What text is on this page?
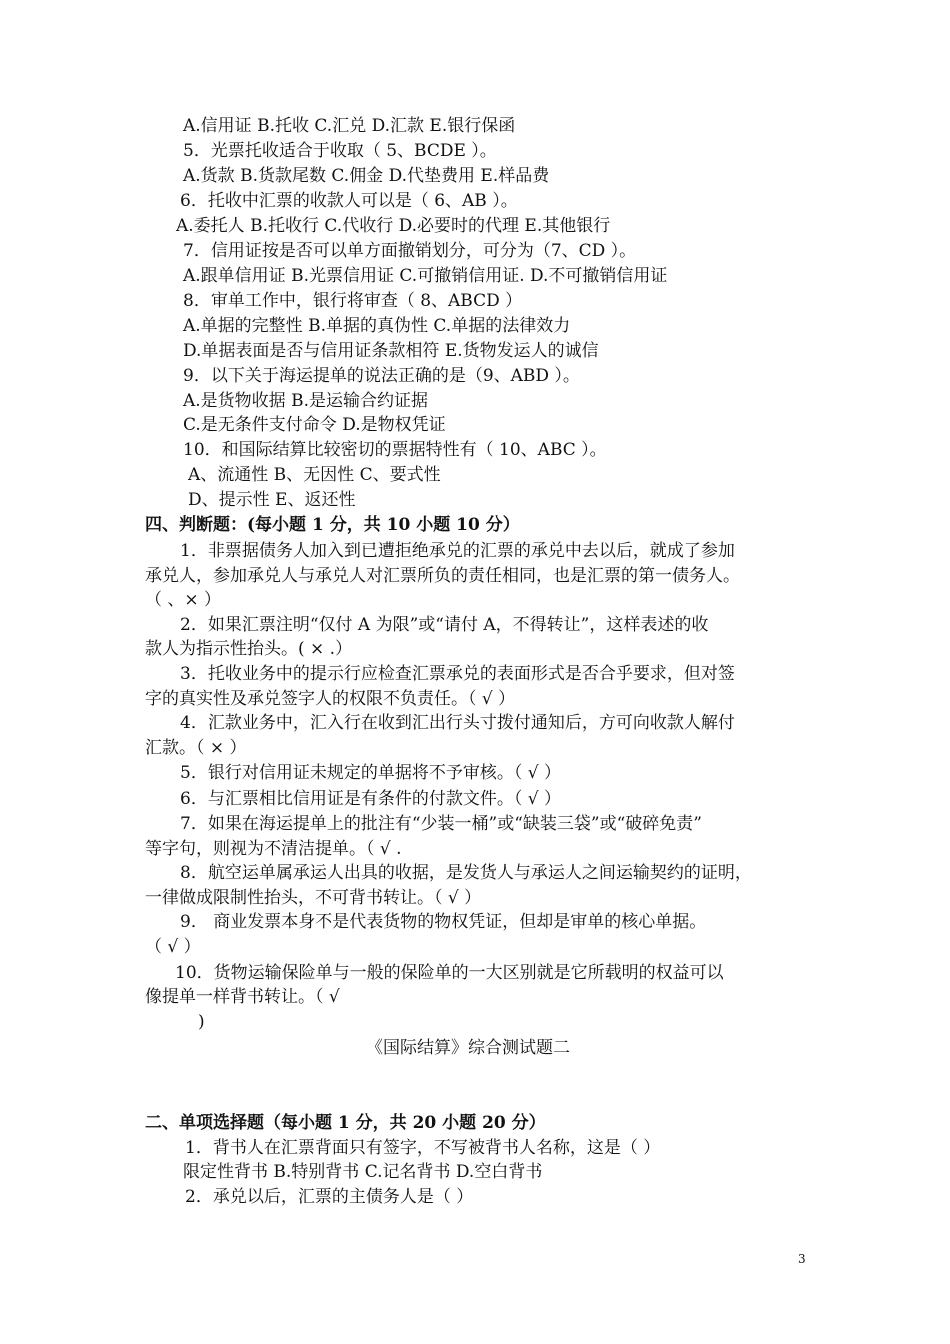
A.信用证 B.托收 C.汇兑 D.汇款 E.银行保函
5．光票托收适合于收取（ 5、BCDE ）。
A.货款 B.货款尾数 C.佣金 D.代垫费用 E.样品费
6．托收中汇票的收款人可以是（ 6、AB ）。
A.委托人 B.托收行 C.代收行 D.必要时的代理 E.其他银行
7．信用证按是否可以单方面撤销划分，可分为（7、CD ）。
A.跟单信用证 B.光票信用证 C.可撤销信用证. D.不可撤销信用证
8．审单工作中，银行将审查（ 8、ABCD ）
A.单据的完整性 B.单据的真伪性 C.单据的法律效力
D.单据表面是否与信用证条款相符 E.货物发运人的诚信
9．以下关于海运提单的说法正确的是（9、ABD ）。
A.是货物收据 B.是运输合约证据
C.是无条件支付命令 D.是物权凭证
10．和国际结算比较密切的票据特性有（ 10、ABC ）。
A、流通性 B、无因性 C、要式性
D、提示性 E、返还性
四、判断题：(每小题 1 分，共 10 小题 10 分）
1．非票据债务人加入到已遭拒绝承兑的汇票的承兑中去以后，就成了参加
承兑人，参加承兑人与承兑人对汇票所负的责任相同，也是汇票的第一债务人。
（ 、× ）
2．如果汇票注明“仅付 A 为限”或“请付 A，不得转让”，这样表述的收
款人为指示性抬头。( × .）
3．托收业务中的提示行应检查汇票承兑的表面形式是否合乎要求，但对签
字的真实性及承兑签字人的权限不负责任。（ √ ）
4．汇款业务中，汇入行在收到汇出行头寸拨付通知后，方可向收款人解付
汇款。（ × ）
5．银行对信用证未规定的单据将不予审核。（ √ ）
6．与汇票相比信用证是有条件的付款文件。（ √ ）
7．如果在海运提单上的批注有“少装一桶”或“缺装三袋”或“破碎免责”
等字句，则视为不清洁提单。（ √ .
8．航空运单属承运人出具的收据，是发货人与承运人之间运输契约的证明，
一律做成限制性抬头，不可背书转让。（ √ ）
9． 商业发票本身不是代表货物的物权凭证，但却是审单的核心单据。
（ √ ）
10．货物运输保险单与一般的保险单的一大区别就是它所载明的权益可以
像提单一样背书转让。（ √
)
《国际结算》综合测试题二
二、单项选择题（每小题 1 分，共 20 小题 20 分）
1．背书人在汇票背面只有签字，不写被背书人名称，这是（ ）
限定性背书 B.特别背书 C.记名背书 D.空白背书
2．承兑以后，汇票的主债务人是（ ）
3
